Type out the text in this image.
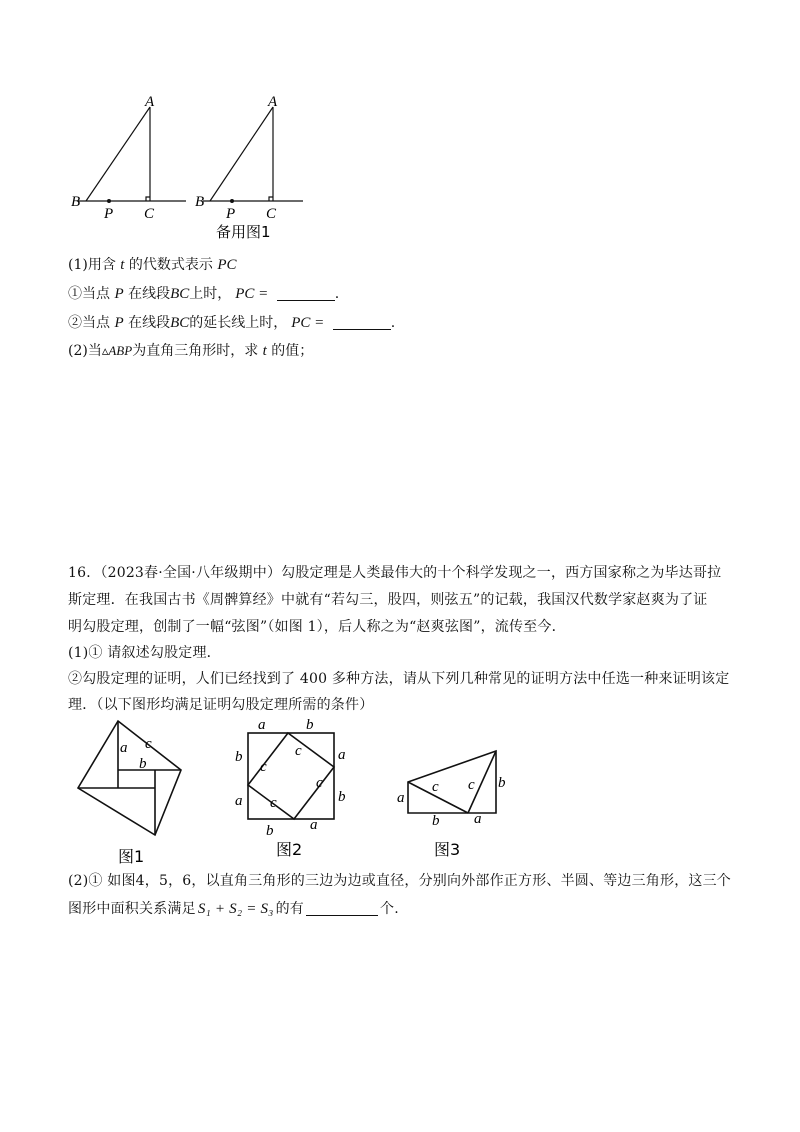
A
B
P C
A
B
P C
备用图1
(1)用含 t 的代数式表示 PC
①当点 P 在线段BC上时， PC =	.
②当点 P 在线段BC的延长线上时， PC =	.
(2)当▵ABP为直角三角形时，求 t 的值；
16．（2023春·全国·八年级期中）勾股定理是人类最伟大的十个科学发现之一，西方国家称之为毕达哥拉
斯定理．在我国古书《周髀算经》中就有“若勾三，股四，则弦五”的记载，我国汉代数学家赵爽为了证
明勾股定理，创制了一幅“弦图”（如图 1），后人称之为“赵爽弦图”，流传至今．
(1)① 请叙述勾股定理．
②勾股定理的证明，人们已经找到了 400 多种方法，请从下列几种常见的证明方法中任选一种来证明该定
理．（以下图形均满足证明勾股定理所需的条件）
c
a
b
图1
a	b
b
a
a
b
b a
c
c
c
c
图2
a
c c b
b a
图3
(2)① 如图4，5，6，以直角三角形的三边为边或直径，分别向外部作正方形、半圆、等边三角形，这三个
图形中面积关系满足 S₁ + S₂ = S₃ 的有	个.
